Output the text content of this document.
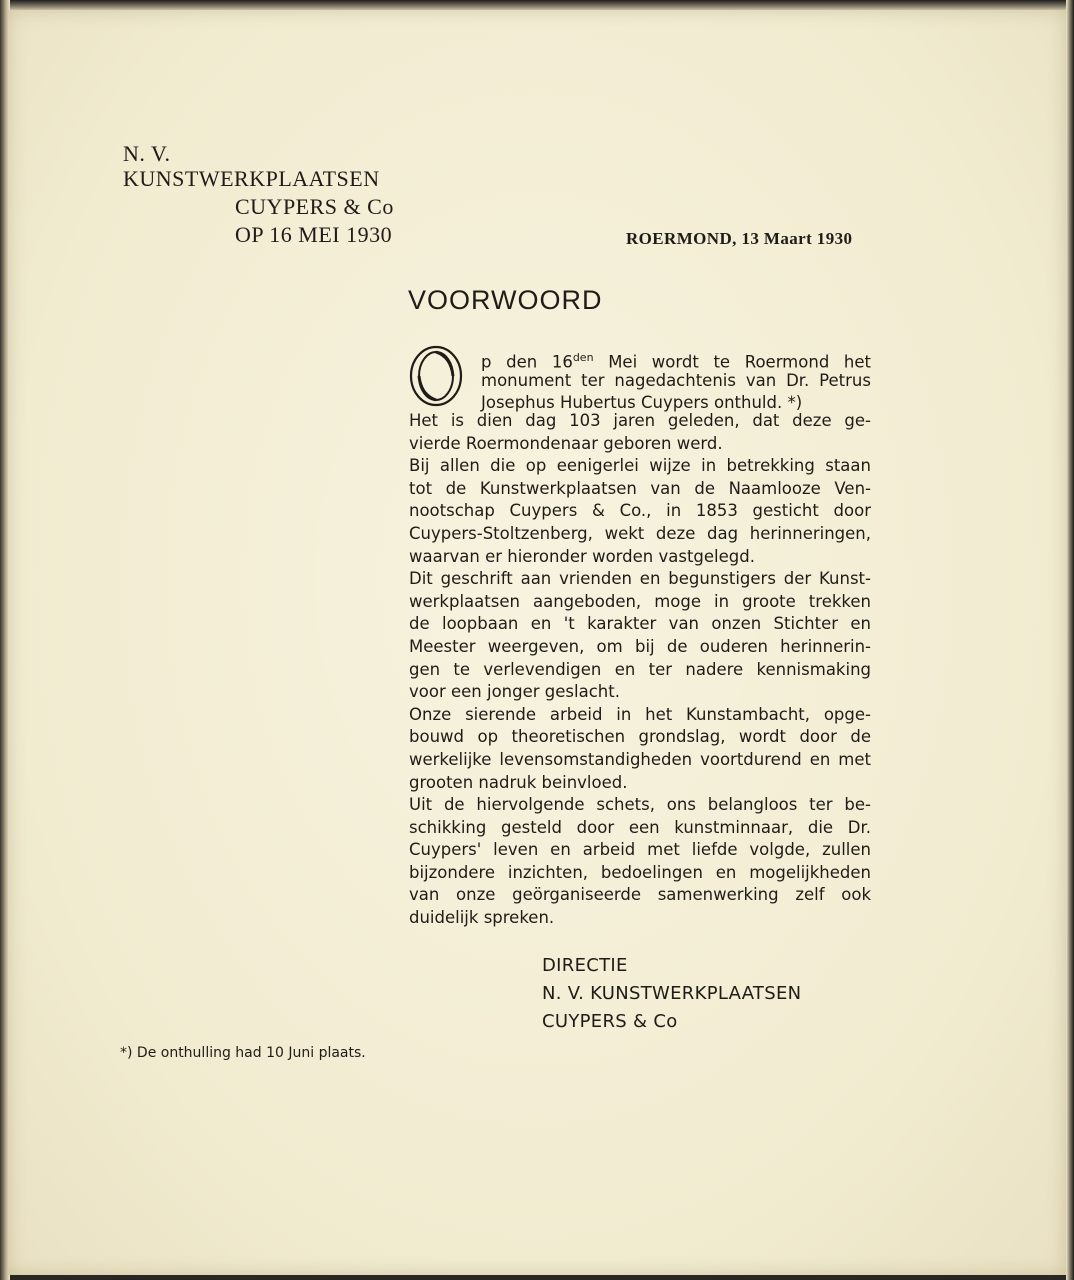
N. V.
KUNSTWERKPLAATSEN
CUYPERS & Co
OP 16 MEI 1930	ROERMOND, 13 Maart 1930
VOORWOORD
p den $16^{den}$ Mei wordt te Roermond het
monument ter nagedachtenis van Dr. Petrus
Josephus Hubertus Cuypers onthuld. *)
Het is dien dag 103 jaren geleden, dat deze ge-
vierde Roermondenaar geboren werd.
Bij allen die op eenigerlei wijze in betrekking staan
tot de Kunstwerkplaatsen van de Naamlooze Ven-
nootschap Cuypers & Co., in 1853 gesticht door
Cuypers-Stoltzenberg, wekt deze dag herinneringen,
waarvan er hieronder worden vastgelegd.
Dit geschrift aan vrienden en begunstigers der Kunst-
werkplaatsen aangeboden, moge in groote trekken
de loopbaan en 't karakter van onzen Stichter en
Meester weergeven, om bij de ouderen herinnerin-
gen te verlevendigen en ter nadere kennismaking
voor een jonger geslacht.
Onze sierende arbeid in het Kunstambacht, opge-
bouwd op theoretischen grondslag, wordt door de
werkelijke levensomstandigheden voortdurend en met
grooten nadruk beinvloed.
Uit de hiervolgende schets, ons belangloos ter be-
schikking gesteld door een kunstminnaar, die Dr.
Cuypers' leven en arbeid met liefde volgde, zullen
bijzondere inzichten, bedoelingen en mogelijkheden
van onze geörganiseerde samenwerking zelf ook
duidelijk spreken.
DIRECTIE
N. V. KUNSTWERKPLAATSEN
CUYPERS & Co
*) De onthulling had 10 Juni plaats.
